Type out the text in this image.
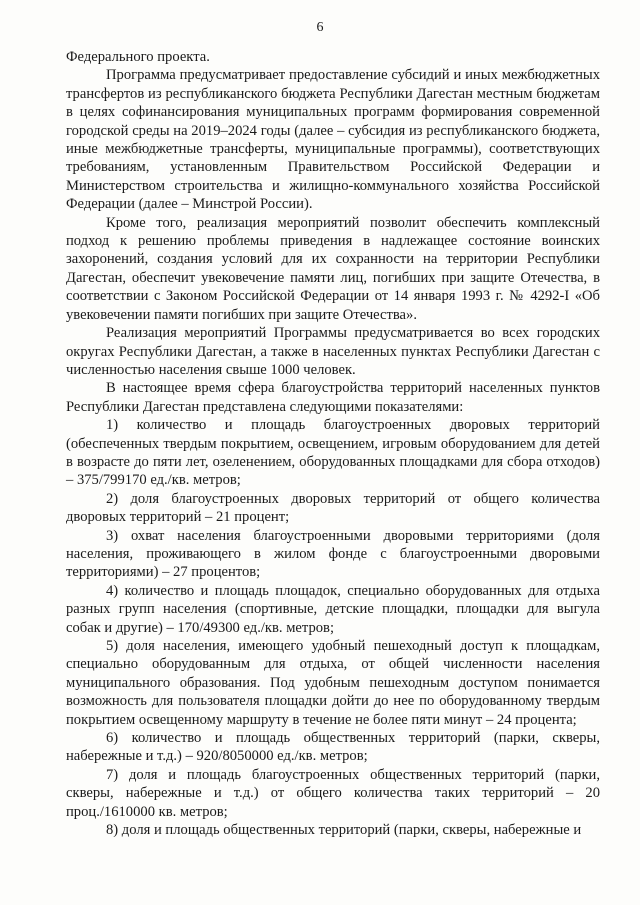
6

Федерального проекта.

Программа предусматривает предоставление субсидий и иных межбюджетных трансфертов из республиканского бюджета Республики Дагестан местным бюджетам в целях софинансирования муниципальных программ формирования современной городской среды на 2019–2024 годы (далее – субсидия из республиканского бюджета, иные межбюджетные трансферты, муниципальные программы), соответствующих требованиям, установленным Правительством Российской Федерации и Министерством строительства и жилищно-коммунального хозяйства Российской Федерации (далее – Минстрой России).

Кроме того, реализация мероприятий позволит обеспечить комплексный подход к решению проблемы приведения в надлежащее состояние воинских захоронений, создания условий для их сохранности на территории Республики Дагестан, обеспечит увековечение памяти лиц, погибших при защите Отечества, в соответствии с Законом Российской Федерации от 14 января 1993 г. № 4292-I «Об увековечении памяти погибших при защите Отечества».

Реализация мероприятий Программы предусматривается во всех городских округах Республики Дагестан, а также в населенных пунктах Республики Дагестан с численностью населения свыше 1000 человек.

В настоящее время сфера благоустройства территорий населенных пунктов Республики Дагестан представлена следующими показателями:

1) количество и площадь благоустроенных дворовых территорий (обеспеченных твердым покрытием, освещением, игровым оборудованием для детей в возрасте до пяти лет, озеленением, оборудованных площадками для сбора отходов) – 375/799170 ед./кв. метров;

2) доля благоустроенных дворовых территорий от общего количества дворовых территорий – 21 процент;

3) охват населения благоустроенными дворовыми территориями (доля населения, проживающего в жилом фонде с благоустроенными дворовыми территориями) – 27 процентов;

4) количество и площадь площадок, специально оборудованных для отдыха разных групп населения (спортивные, детские площадки, площадки для выгула собак и другие) – 170/49300 ед./кв. метров;

5) доля населения, имеющего удобный пешеходный доступ к площадкам, специально оборудованным для отдыха, от общей численности населения муниципального образования. Под удобным пешеходным доступом понимается возможность для пользователя площадки дойти до нее по оборудованному твердым покрытием освещенному маршруту в течение не более пяти минут – 24 процента;

6) количество и площадь общественных территорий (парки, скверы, набережные и т.д.) – 920/8050000 ед./кв. метров;

7) доля и площадь благоустроенных общественных территорий (парки, скверы, набережные и т.д.) от общего количества таких территорий – 20 проц./1610000 кв. метров;

8) доля и площадь общественных территорий (парки, скверы, набережные и
